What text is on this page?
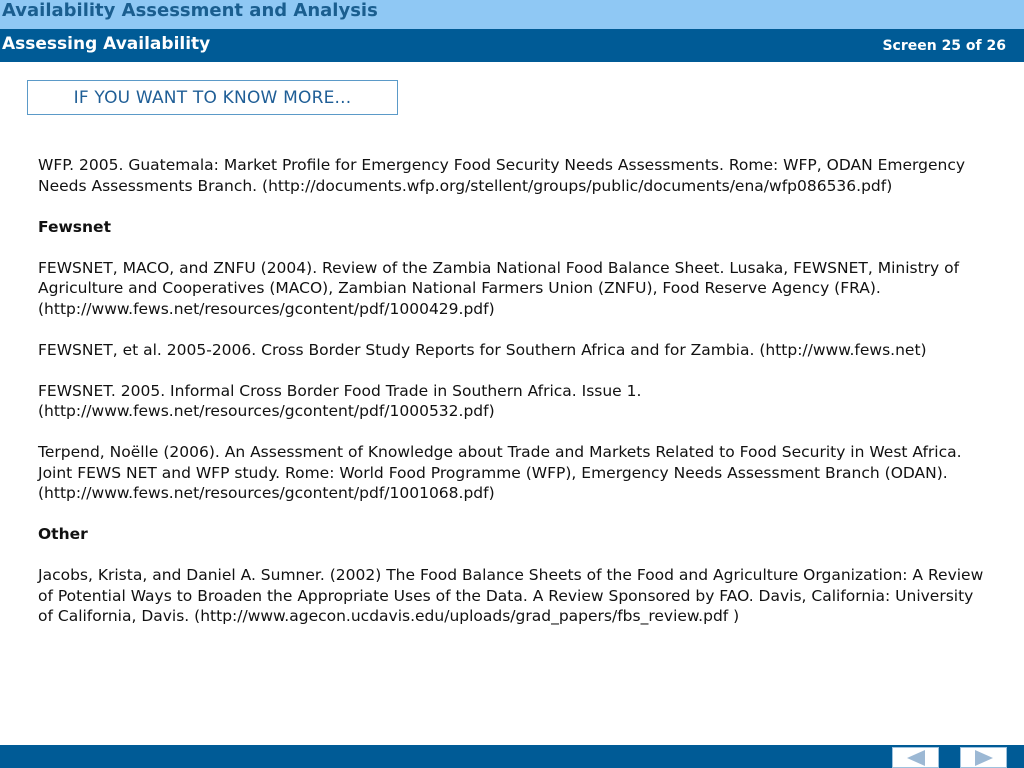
Availability Assessment and Analysis
Assessing Availability	Screen 25 of 26
IF YOU WANT TO KNOW MORE...

WFP. 2005. Guatemala: Market Profile for Emergency Food Security Needs Assessments. Rome: WFP, ODAN Emergency Needs Assessments Branch. (http://documents.wfp.org/stellent/groups/public/documents/ena/wfp086536.pdf)

Fewsnet

FEWSNET, MACO, and ZNFU (2004). Review of the Zambia National Food Balance Sheet. Lusaka, FEWSNET, Ministry of Agriculture and Cooperatives (MACO), Zambian National Farmers Union (ZNFU), Food Reserve Agency (FRA). (http://www.fews.net/resources/gcontent/pdf/1000429.pdf)

FEWSNET, et al. 2005-2006. Cross Border Study Reports for Southern Africa and for Zambia. (http://www.fews.net)

FEWSNET. 2005. Informal Cross Border Food Trade in Southern Africa. Issue 1. (http://www.fews.net/resources/gcontent/pdf/1000532.pdf)

Terpend, Noëlle (2006). An Assessment of Knowledge about Trade and Markets Related to Food Security in West Africa. Joint FEWS NET and WFP study. Rome: World Food Programme (WFP), Emergency Needs Assessment Branch (ODAN). (http://www.fews.net/resources/gcontent/pdf/1001068.pdf)

Other

Jacobs, Krista, and Daniel A. Sumner. (2002) The Food Balance Sheets of the Food and Agriculture Organization: A Review of Potential Ways to Broaden the Appropriate Uses of the Data. A Review Sponsored by FAO. Davis, California: University of California, Davis. (http://www.agecon.ucdavis.edu/uploads/grad_papers/fbs_review.pdf )
